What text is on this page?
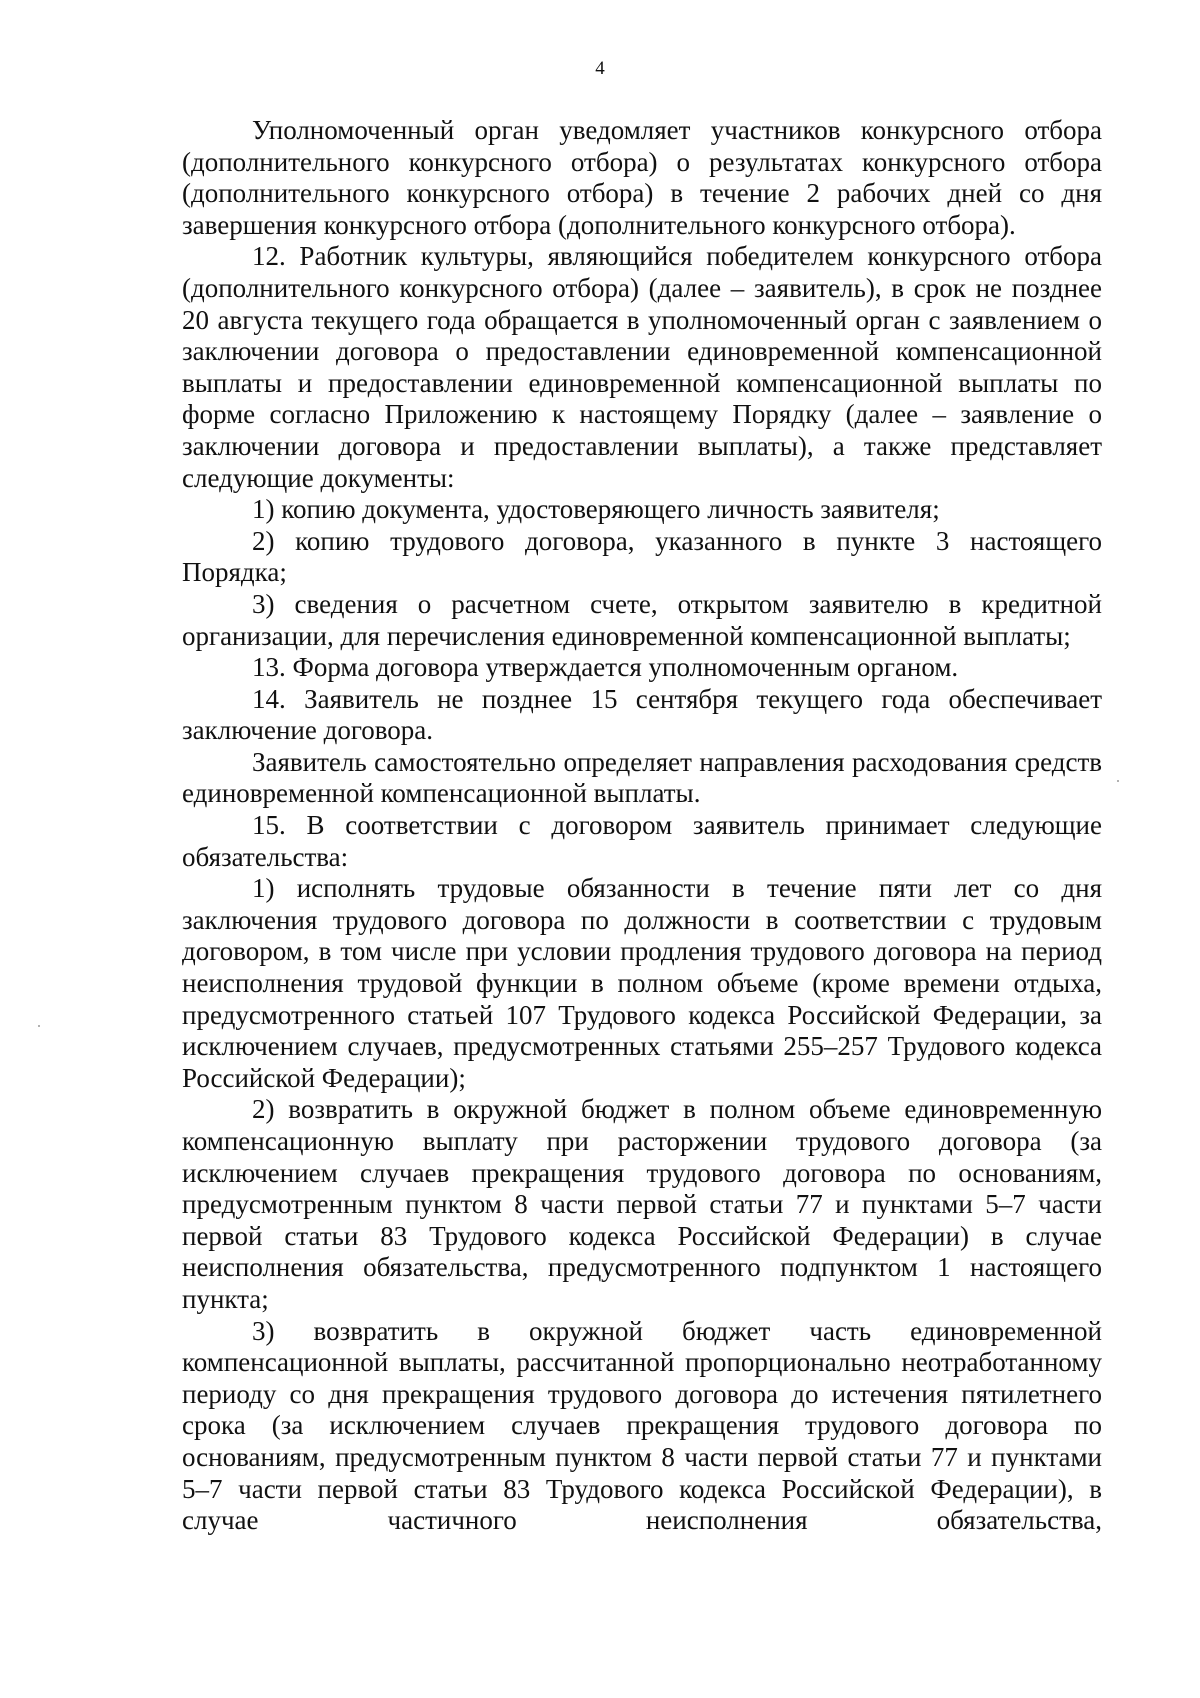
4

Уполномоченный орган уведомляет участников конкурсного отбора (дополнительного конкурсного отбора) о результатах конкурсного отбора (дополнительного конкурсного отбора) в течение 2 рабочих дней со дня завершения конкурсного отбора (дополнительного конкурсного отбора).

12. Работник культуры, являющийся победителем конкурсного отбора (дополнительного конкурсного отбора) (далее – заявитель), в срок не позднее 20 августа текущего года обращается в уполномоченный орган с заявлением о заключении договора о предоставлении единовременной компенсационной выплаты и предоставлении единовременной компенсационной выплаты по форме согласно Приложению к настоящему Порядку (далее – заявление о заключении договора и предоставлении выплаты), а также представляет следующие документы:

1) копию документа, удостоверяющего личность заявителя;

2) копию трудового договора, указанного в пункте 3 настоящего Порядка;

3) сведения о расчетном счете, открытом заявителю в кредитной организации, для перечисления единовременной компенсационной выплаты;

13. Форма договора утверждается уполномоченным органом.

14. Заявитель не позднее 15 сентября текущего года обеспечивает заключение договора.

Заявитель самостоятельно определяет направления расходования средств единовременной компенсационной выплаты.

15. В соответствии с договором заявитель принимает следующие обязательства:

1) исполнять трудовые обязанности в течение пяти лет со дня заключения трудового договора по должности в соответствии с трудовым договором, в том числе при условии продления трудового договора на период неисполнения трудовой функции в полном объеме (кроме времени отдыха, предусмотренного статьей 107 Трудового кодекса Российской Федерации, за исключением случаев, предусмотренных статьями 255–257 Трудового кодекса Российской Федерации);

2) возвратить в окружной бюджет в полном объеме единовременную компенсационную выплату при расторжении трудового договора (за исключением случаев прекращения трудового договора по основаниям, предусмотренным пунктом 8 части первой статьи 77 и пунктами 5–7 части первой статьи 83 Трудового кодекса Российской Федерации) в случае неисполнения обязательства, предусмотренного подпунктом 1 настоящего пункта;

3) возвратить в окружной бюджет часть единовременной компенсационной выплаты, рассчитанной пропорционально неотработанному периоду со дня прекращения трудового договора до истечения пятилетнего срока (за исключением случаев прекращения трудового договора по основаниям, предусмотренным пунктом 8 части первой статьи 77 и пунктами 5–7 части первой статьи 83 Трудового кодекса Российской Федерации), в случае частичного неисполнения обязательства,
